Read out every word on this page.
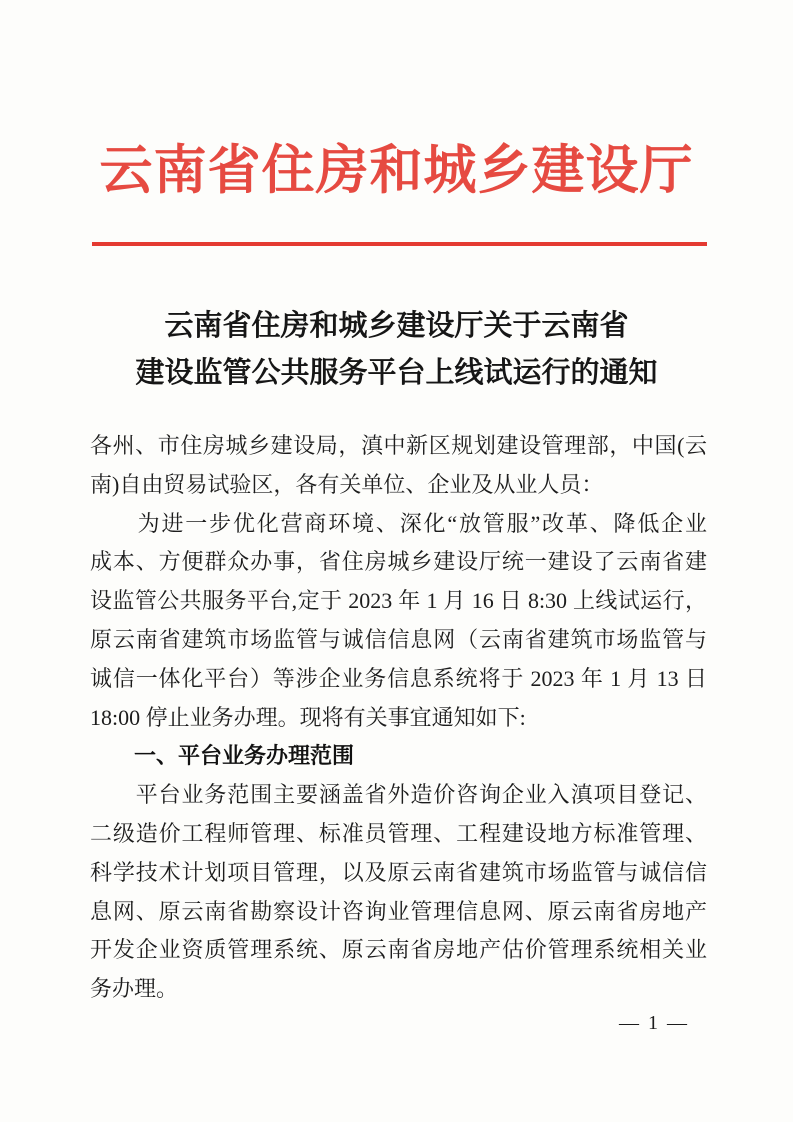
云南省住房和城乡建设厅
云南省住房和城乡建设厅关于云南省
建设监管公共服务平台上线试运行的通知
各州、市住房城乡建设局，滇中新区规划建设管理部，中国(云
南)自由贸易试验区，各有关单位、企业及从业人员：
　　为进一步优化营商环境、深化“放管服”改革、降低企业
成本、方便群众办事，省住房城乡建设厅统一建设了云南省建
设监管公共服务平台,定于 2023 年 1 月 16 日 8:30 上线试运行，
原云南省建筑市场监管与诚信信息网（云南省建筑市场监管与
诚信一体化平台）等涉企业务信息系统将于 2023 年 1 月 13 日
18:00 停止业务办理。现将有关事宜通知如下:
　　一、平台业务办理范围
　　平台业务范围主要涵盖省外造价咨询企业入滇项目登记、
二级造价工程师管理、标准员管理、工程建设地方标准管理、
科学技术计划项目管理，以及原云南省建筑市场监管与诚信信
息网、原云南省勘察设计咨询业管理信息网、原云南省房地产
开发企业资质管理系统、原云南省房地产估价管理系统相关业
务办理。
— 1 —
